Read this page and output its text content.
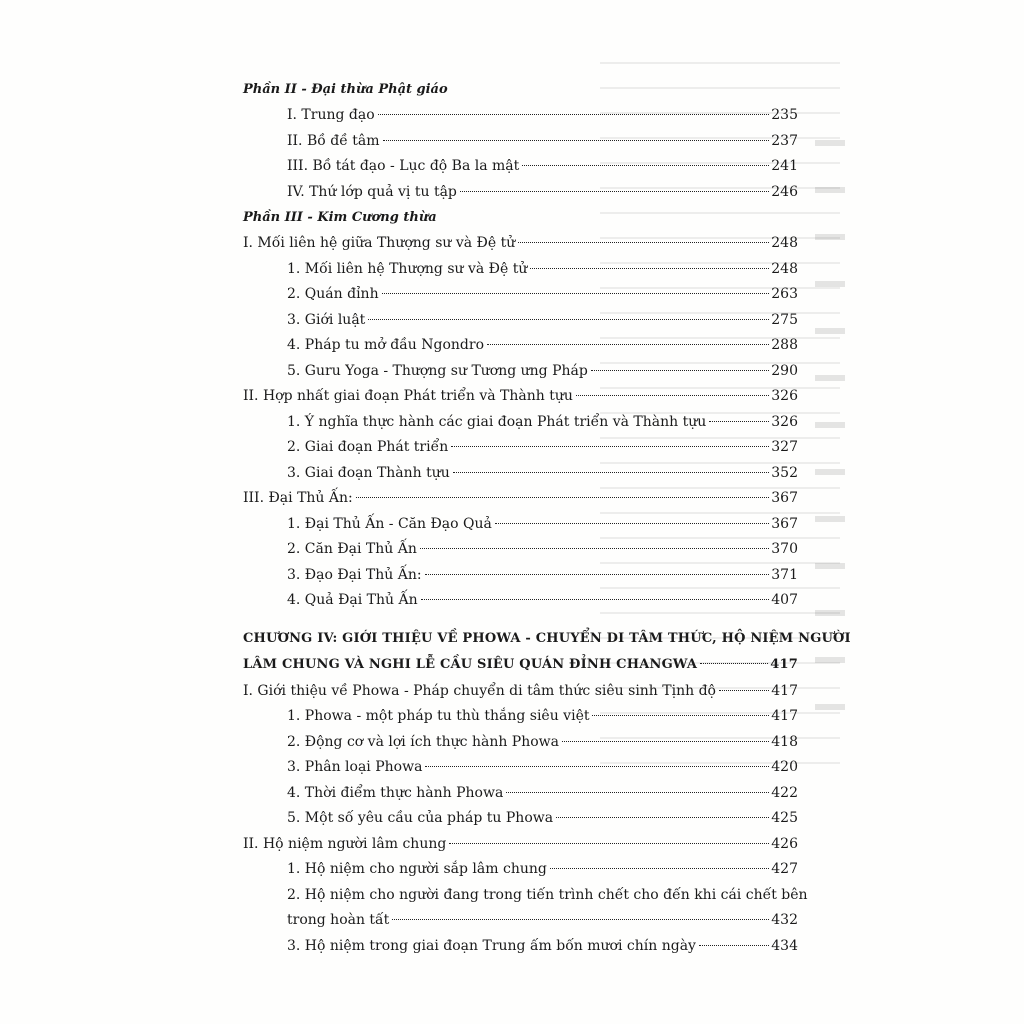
Phần II - Đại thừa Phật giáo
I. Trung đạo	235
II. Bồ đề tâm	237
III. Bồ tát đạo - Lục độ Ba la mật	241
IV. Thứ lớp quả vị tu tập	246
Phần III - Kim Cương thừa
I. Mối liên hệ giữa Thượng sư và Đệ tử	248
1. Mối liên hệ Thượng sư và Đệ tử	248
2. Quán đỉnh	263
3. Giới luật	275
4. Pháp tu mở đầu Ngondro	288
5. Guru Yoga - Thượng sư Tương ưng Pháp	290
II. Hợp nhất giai đoạn Phát triển và Thành tựu	326
1. Ý nghĩa thực hành các giai đoạn Phát triển và Thành tựu	326
2. Giai đoạn Phát triển	327
3. Giai đoạn Thành tựu	352
III. Đại Thủ Ấn:	367
1. Đại Thủ Ấn - Căn Đạo Quả	367
2. Căn Đại Thủ Ấn	370
3. Đạo Đại Thủ Ấn:	371
4. Quả Đại Thủ Ấn	407
CHƯƠNG IV: GIỚI THIỆU VỀ PHOWA - CHUYỂN DI TÂM THỨC, HỘ NIỆM NGƯỜI
LÂM CHUNG VÀ NGHI LỄ CẦU SIÊU QUÁN ĐỈNH CHANGWA	417
I. Giới thiệu về Phowa - Pháp chuyển di tâm thức siêu sinh Tịnh độ	417
1. Phowa - một pháp tu thù thắng siêu việt	417
2. Động cơ và lợi ích thực hành Phowa	418
3. Phân loại Phowa	420
4. Thời điểm thực hành Phowa	422
5. Một số yêu cầu của pháp tu Phowa	425
II. Hộ niệm người lâm chung	426
1. Hộ niệm cho người sắp lâm chung	427
2. Hộ niệm cho người đang trong tiến trình chết cho đến khi cái chết bên
trong hoàn tất	432
3. Hộ niệm trong giai đoạn Trung ấm bốn mươi chín ngày	434
